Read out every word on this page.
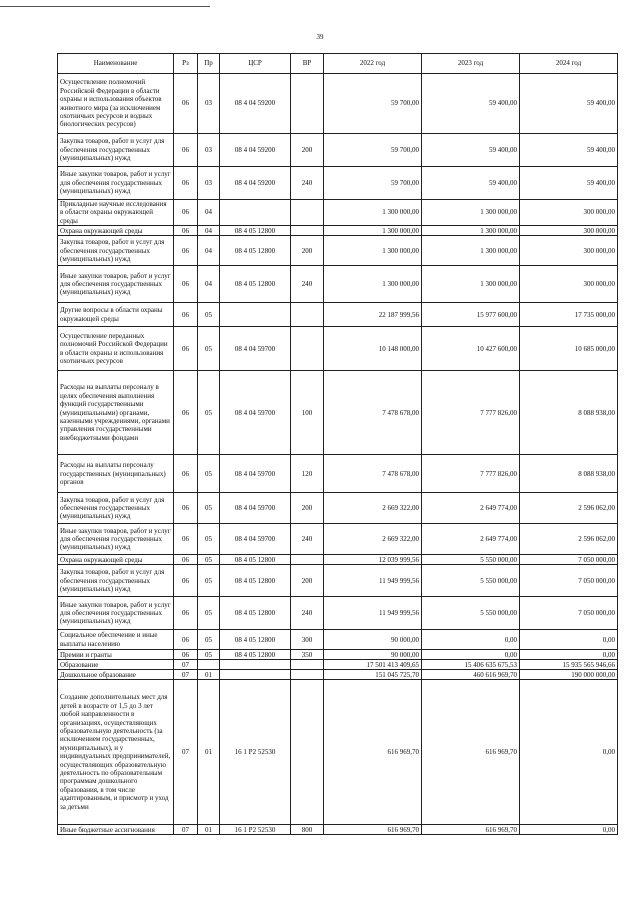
39
Наименование	Рз	Пр	ЦСР	ВР	2022 год	2023 год	2024 год
Осуществление полномочий Российской Федерации в области охраны и использования объектов животного мира (за исключением охотничьих ресурсов и водных биологических ресурсов)	06	03	08 4 04 59200		59 700,00	59 400,00	59 400,00
Закупка товаров, работ и услуг для обеспечения государственных (муниципальных) нужд	06	03	08 4 04 59200	200	59 700,00	59 400,00	59 400,00
Иные закупки товаров, работ и услуг для обеспечения государственных (муниципальных) нужд	06	03	08 4 04 59200	240	59 700,00	59 400,00	59 400,00
Прикладные научные исследования в области охраны окружающей среды	06	04			1 300 000,00	1 300 000,00	300 000,00
Охрана окружающей среды	06	04	08 4 05 12800		1 300 000,00	1 300 000,00	300 000,00
Закупка товаров, работ и услуг для обеспечения государственных (муниципальных) нужд	06	04	08 4 05 12800	200	1 300 000,00	1 300 000,00	300 000,00
Иные закупки товаров, работ и услуг для обеспечения государственных (муниципальных) нужд	06	04	08 4 05 12800	240	1 300 000,00	1 300 000,00	300 000,00
Другие вопросы в области охраны окружающей среды	06	05			22 187 999,56	15 977 600,00	17 735 000,00
Осуществление переданных полномочий Российской Федерации в области охраны и использования охотничьих ресурсов	06	05	08 4 04 59700		10 148 000,00	10 427 600,00	10 685 000,00
Расходы на выплаты персоналу в целях обеспечения выполнения функций государственными (муниципальными) органами, казенными учреждениями, органами управления государственными внебюджетными фондами	06	05	08 4 04 59700	100	7 478 678,00	7 777 826,00	8 088 938,00
Расходы на выплаты персоналу государственных (муниципальных) органов	06	05	08 4 04 59700	120	7 478 678,00	7 777 826,00	8 088 938,00
Закупка товаров, работ и услуг для обеспечения государственных (муниципальных) нужд	06	05	08 4 04 59700	200	2 669 322,00	2 649 774,00	2 596 062,00
Иные закупки товаров, работ и услуг для обеспечения государственных (муниципальных) нужд	06	05	08 4 04 59700	240	2 669 322,00	2 649 774,00	2 596 062,00
Охрана окружающей среды	06	05	08 4 05 12800		12 039 999,56	5 550 000,00	7 050 000,00
Закупка товаров, работ и услуг для обеспечения государственных (муниципальных) нужд	06	05	08 4 05 12800	200	11 949 999,56	5 550 000,00	7 050 000,00
Иные закупки товаров, работ и услуг для обеспечения государственных (муниципальных) нужд	06	05	08 4 05 12800	240	11 949 999,56	5 550 000,00	7 050 000,00
Социальное обеспечение и иные выплаты населению	06	05	08 4 05 12800	300	90 000,00	0,00	0,00
Премии и гранты	06	05	08 4 05 12800	350	90 000,00	0,00	0,00
Образование	07				17 501 413 409,65	15 406 635 675,53	15 935 565 946,66
Дошкольное образование	07	01			151 045 725,70	460 616 969,70	190 000 000,00
Создание дополнительных мест для детей в возрасте от 1,5 до 3 лет любой направленности в организациях, осуществляющих образовательную деятельность (за исключением государственных, муниципальных), и у индивидуальных предпринимателей, осуществляющих образовательную деятельность по образовательным программам дошкольного образования, в том числе адаптированным, и присмотр и уход за детьми	07	01	16 1 P2 52530		616 969,70	616 969,70	0,00
Иные бюджетные ассигнования	07	01	16 1 P2 52530	800	616 969,70	616 969,70	0,00
